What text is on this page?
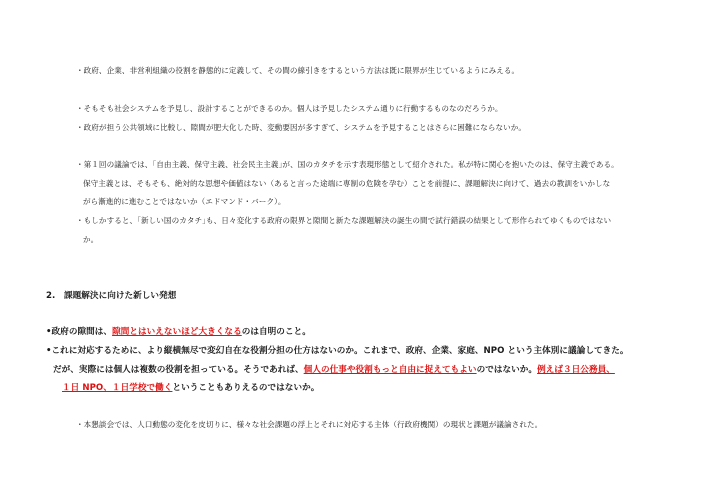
・政府、企業、非営利組織の役割を静態的に定義して、その間の線引きをするという方法は既に限界が生じているようにみえる。
・そもそも社会システムを予見し、設計することができるのか。個人は予見したシステム通りに行動するものなのだろうか。
・政府が担う公共領域に比較し、隙間が肥大化した時、変動要因が多すぎて、システムを予見することはさらに困難にならないか。
・第１回の議論では、｢自由主義、保守主義、社会民主主義｣が、国のカタチを示す表現形態として紹介された。私が特に関心を抱いたのは、保守主義である。
保守主義とは、そもそも、絶対的な思想や価値はない（あると言った途端に専制の危険を孕む）ことを前提に、課題解決に向けて、過去の教訓をいかしな
がら漸進的に進むことではないか（エドマンド・バーク）。
・もしかすると、｢新しい国のカタチ｣も、日々変化する政府の限界と隙間と新たな課題解決の誕生の間で試行錯誤の結果として形作られてゆくものではない
か。
2.　課題解決に向けた新しい発想
•政府の隙間は、隙間とはいえないほど大きくなるのは自明のこと。
•これに対応するために、より縦横無尽で変幻自在な役割分担の仕方はないのか。これまで、政府、企業、家庭、NPO という主体別に議論してきた。
だが、実際には個人は複数の役割を担っている。そうであれば、個人の仕事や役割もっと自由に捉えてもよいのではないか。例えば３日公務員、
１日 NPO、１日学校で働くということもありえるのではないか。
・本懇談会では、人口動態の変化を皮切りに、様々な社会課題の浮上とそれに対応する主体（行政府機関）の現状と課題が議論された。
